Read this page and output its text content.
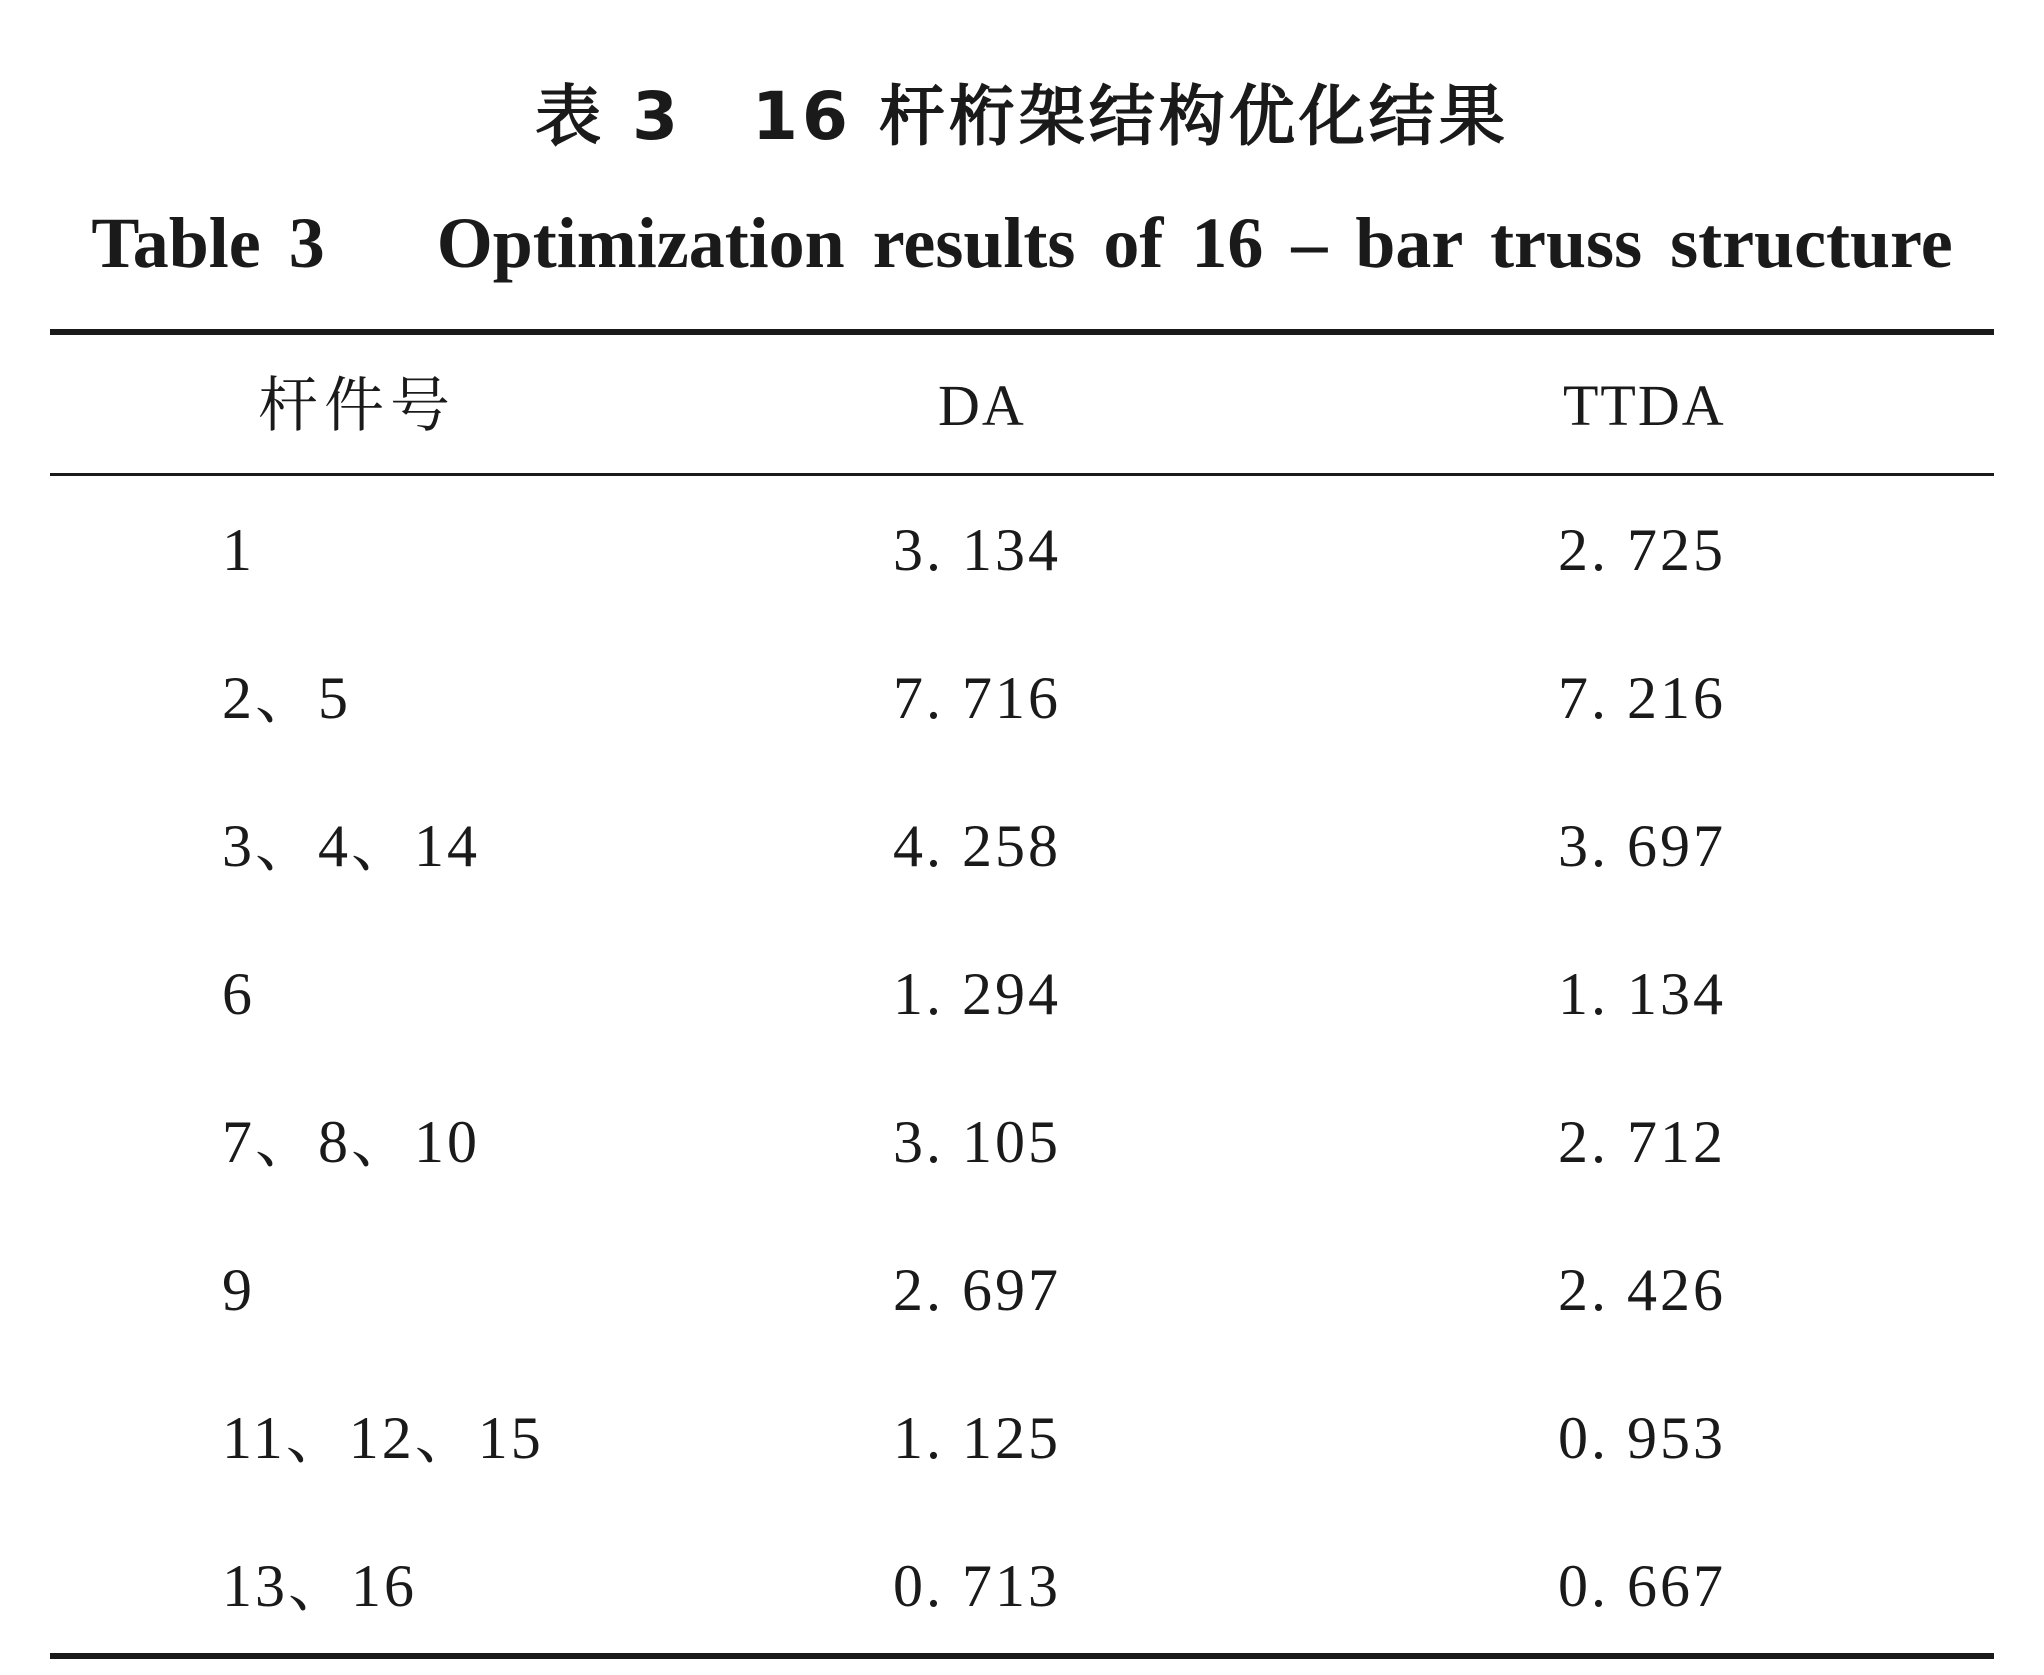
表 3　16 杆桁架结构优化结果
Table 3    Optimization results of 16 – bar truss structure
杆件号	DA	TTDA
1	3. 134	2. 725
2、5	7. 716	7. 216
3、4、14	4. 258	3. 697
6	1. 294	1. 134
7、8、10	3. 105	2. 712
9	2. 697	2. 426
11、12、15	1. 125	0. 953
13、16	0. 713	0. 667
